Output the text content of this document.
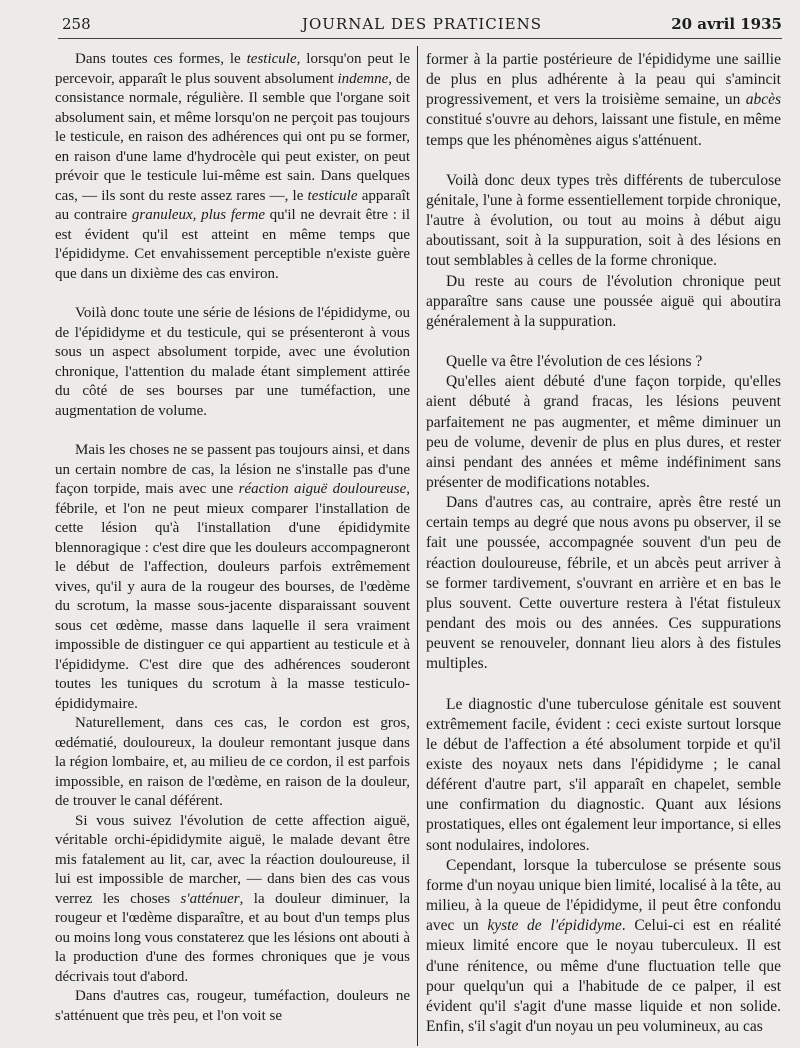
258	JOURNAL DES PRATICIENS	20 avril 1935

Dans toutes ces formes, le testicule, lorsqu'on peut le percevoir, apparaît le plus souvent absolument indemne, de consistance normale, régulière. Il semble que l'organe soit absolument sain, et même lorsqu'on ne perçoit pas toujours le testicule, en raison des adhérences qui ont pu se former, en raison d'une lame d'hydrocèle qui peut exister, on peut prévoir que le testicule lui-même est sain. Dans quelques cas, — ils sont du reste assez rares —, le testicule apparaît au contraire granuleux, plus ferme qu'il ne devrait être : il est évident qu'il est atteint en même temps que l'épididyme. Cet envahissement perceptible n'existe guère que dans un dixième des cas environ.

Voilà donc toute une série de lésions de l'épididyme, ou de l'épididyme et du testicule, qui se présenteront à vous sous un aspect absolument torpide, avec une évolution chronique, l'attention du malade étant simplement attirée du côté de ses bourses par une tuméfaction, une augmentation de volume.

Mais les choses ne se passent pas toujours ainsi, et dans un certain nombre de cas, la lésion ne s'installe pas d'une façon torpide, mais avec une réaction aiguë douloureuse, fébrile, et l'on ne peut mieux comparer l'installation de cette lésion qu'à l'installation d'une épididymite blennoragique : c'est dire que les douleurs accompagneront le début de l'affection, douleurs parfois extrêmement vives, qu'il y aura de la rougeur des bourses, de l'œdème du scrotum, la masse sous-jacente disparaissant souvent sous cet œdème, masse dans laquelle il sera vraiment impossible de distinguer ce qui appartient au testicule et à l'épididyme. C'est dire que des adhérences souderont toutes les tuniques du scrotum à la masse testiculo-épididymaire.

Naturellement, dans ces cas, le cordon est gros, œdématié, douloureux, la douleur remontant jusque dans la région lombaire, et, au milieu de ce cordon, il est parfois impossible, en raison de l'œdème, en raison de la douleur, de trouver le canal déférent.

Si vous suivez l'évolution de cette affection aiguë, véritable orchi-épididymite aiguë, le malade devant être mis fatalement au lit, car, avec la réaction douloureuse, il lui est impossible de marcher, — dans bien des cas vous verrez les choses s'atténuer, la douleur diminuer, la rougeur et l'œdème disparaître, et au bout d'un temps plus ou moins long vous constaterez que les lésions ont abouti à la production d'une des formes chroniques que je vous décrivais tout d'abord.

Dans d'autres cas, rougeur, tuméfaction, douleurs ne s'atténuent que très peu, et l'on voit se

former à la partie postérieure de l'épididyme une saillie de plus en plus adhérente à la peau qui s'amincit progressivement, et vers la troisième semaine, un abcès constitué s'ouvre au dehors, laissant une fistule, en même temps que les phénomènes aigus s'atténuent.

Voilà donc deux types très différents de tuberculose génitale, l'une à forme essentiellement torpide chronique, l'autre à évolution, ou tout au moins à début aigu aboutissant, soit à la suppuration, soit à des lésions en tout semblables à celles de la forme chronique.

Du reste au cours de l'évolution chronique peut apparaître sans cause une poussée aiguë qui aboutira généralement à la suppuration.

Quelle va être l'évolution de ces lésions ?

Qu'elles aient débuté d'une façon torpide, qu'elles aient débuté à grand fracas, les lésions peuvent parfaitement ne pas augmenter, et même diminuer un peu de volume, devenir de plus en plus dures, et rester ainsi pendant des années et même indéfiniment sans présenter de modifications notables.

Dans d'autres cas, au contraire, après être resté un certain temps au degré que nous avons pu observer, il se fait une poussée, accompagnée souvent d'un peu de réaction douloureuse, fébrile, et un abcès peut arriver à se former tardivement, s'ouvrant en arrière et en bas le plus souvent. Cette ouverture restera à l'état fistuleux pendant des mois ou des années. Ces suppurations peuvent se renouveler, donnant lieu alors à des fistules multiples.

Le diagnostic d'une tuberculose génitale est souvent extrêmement facile, évident : ceci existe surtout lorsque le début de l'affection a été absolument torpide et qu'il existe des noyaux nets dans l'épididyme ; le canal déférent d'autre part, s'il apparaît en chapelet, semble une confirmation du diagnostic. Quant aux lésions prostatiques, elles ont également leur importance, si elles sont nodulaires, indolores.

Cependant, lorsque la tuberculose se présente sous forme d'un noyau unique bien limité, localisé à la tête, au milieu, à la queue de l'épididyme, il peut être confondu avec un kyste de l'épididyme. Celui-ci est en réalité mieux limité encore que le noyau tuberculeux. Il est d'une rénitence, ou même d'une fluctuation telle que pour quelqu'un qui a l'habitude de ce palper, il est évident qu'il s'agit d'une masse liquide et non solide. Enfin, s'il s'agit d'un noyau un peu volumineux, au cas
